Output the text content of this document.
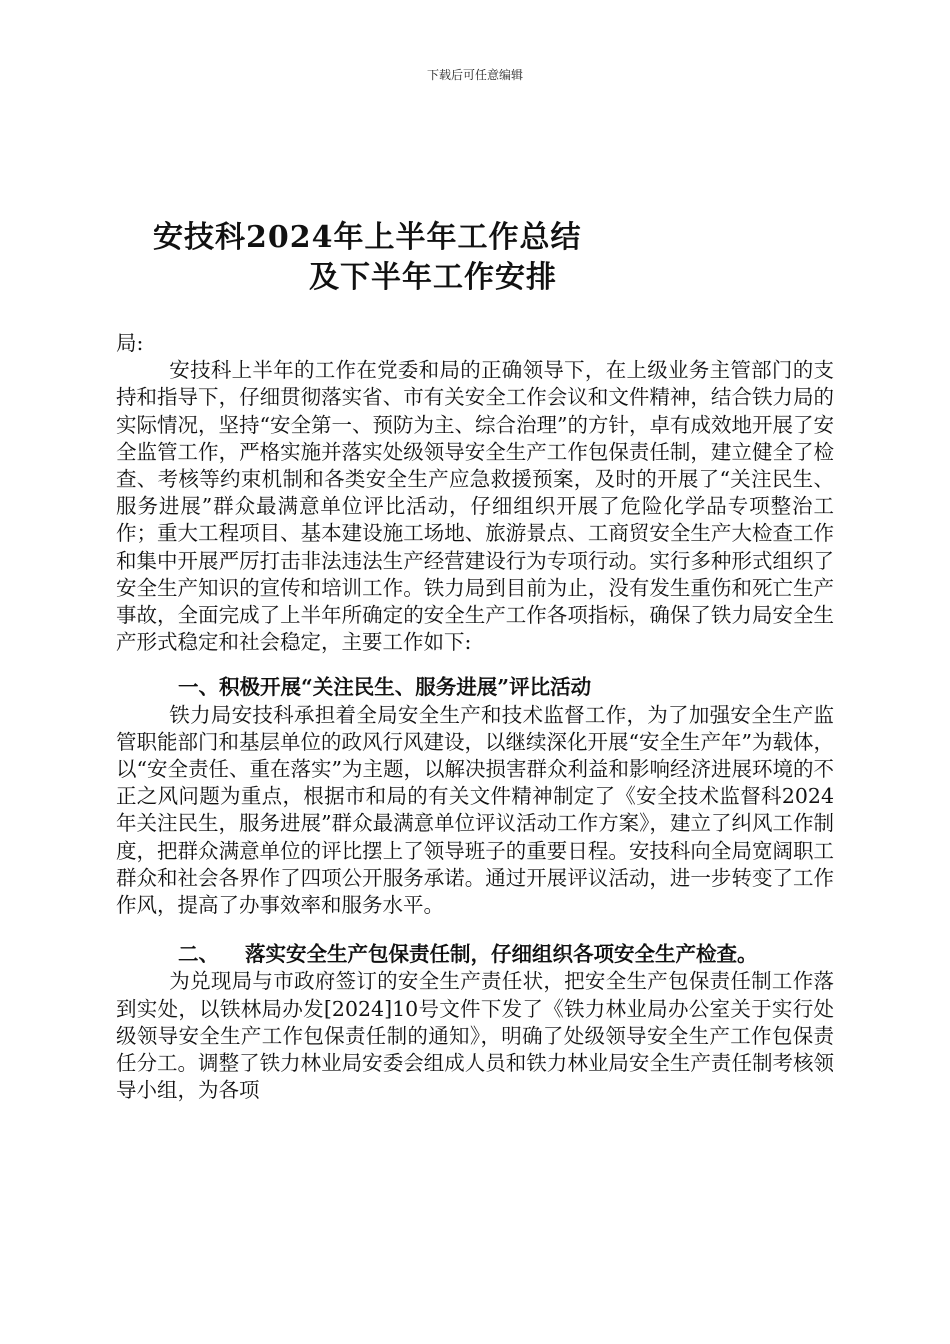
下载后可任意编辑
安技科2024年上半年工作总结
及下半年工作安排

局:

安技科上半年的工作在党委和局的正确领导下，在上级业务主管部门的支持和指导下，仔细贯彻落实省、市有关安全工作会议和文件精神，结合铁力局的实际情况，坚持“安全第一、预防为主、综合治理”的方针，卓有成效地开展了安全监管工作，严格实施并落实处级领导安全生产工作包保责任制，建立健全了检查、考核等约束机制和各类安全生产应急救援预案，及时的开展了“关注民生、服务进展”群众最满意单位评比活动，仔细组织开展了危险化学品专项整治工作；重大工程项目、基本建设施工场地、旅游景点、工商贸安全生产大检查工作和集中开展严厉打击非法违法生产经营建设行为专项行动。实行多种形式组织了安全生产知识的宣传和培训工作。铁力局到目前为止，没有发生重伤和死亡生产事故，全面完成了上半年所确定的安全生产工作各项指标，确保了铁力局安全生产形式稳定和社会稳定，主要工作如下:

一、积极开展“关注民生、服务进展”评比活动

铁力局安技科承担着全局安全生产和技术监督工作，为了加强安全生产监管职能部门和基层单位的政风行风建设，以继续深化开展“安全生产年”为载体，以“安全责任、重在落实”为主题，以解决损害群众利益和影响经济进展环境的不正之风问题为重点，根据市和局的有关文件精神制定了《安全技术监督科2024年关注民生，服务进展”群众最满意单位评议活动工作方案》，建立了纠风工作制度，把群众满意单位的评比摆上了领导班子的重要日程。安技科向全局宽阔职工群众和社会各界作了四项公开服务承诺。通过开展评议活动，进一步转变了工作作风，提高了办事效率和服务水平。

二、 落实安全生产包保责任制，仔细组织各项安全生产检查。

为兑现局与市政府签订的安全生产责任状，把安全生产包保责任制工作落到实处，以铁林局办发[2024]10号文件下发了《铁力林业局办公室关于实行处级领导安全生产工作包保责任制的通知》，明确了处级领导安全生产工作包保责任分工。调整了铁力林业局安委会组成人员和铁力林业局安全生产责任制考核领导小组，为各项
